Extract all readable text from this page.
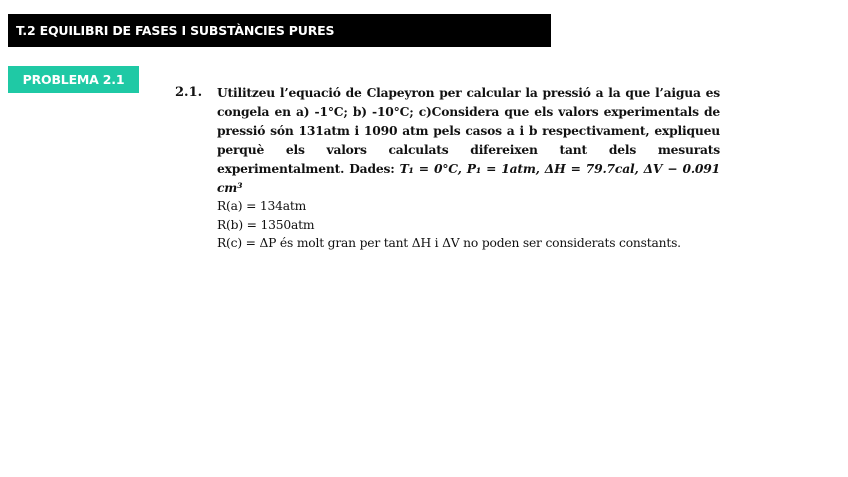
T.2 EQUILIBRI DE FASES I SUBSTÀNCIES PURES
PROBLEMA 2.1
2.1. Utilitzeu l’equació de Clapeyron per calcular la pressió a la que l’aigua es congela en a) -1°C; b) -10°C; c)Considera que els valors experimentals de pressió són 131atm i 1090 atm pels casos a i b respectivament, expliqueu perquè els valors calculats difereixen tant dels mesurats experimentalment. Dades: T₁ = 0°C, P₁ = 1atm, ΔH = 79.7cal, ΔV − 0.091 cm³
R(a) = 134atm
R(b) = 1350atm
R(c) = ΔP és molt gran per tant ΔH i ΔV no poden ser considerats constants.
